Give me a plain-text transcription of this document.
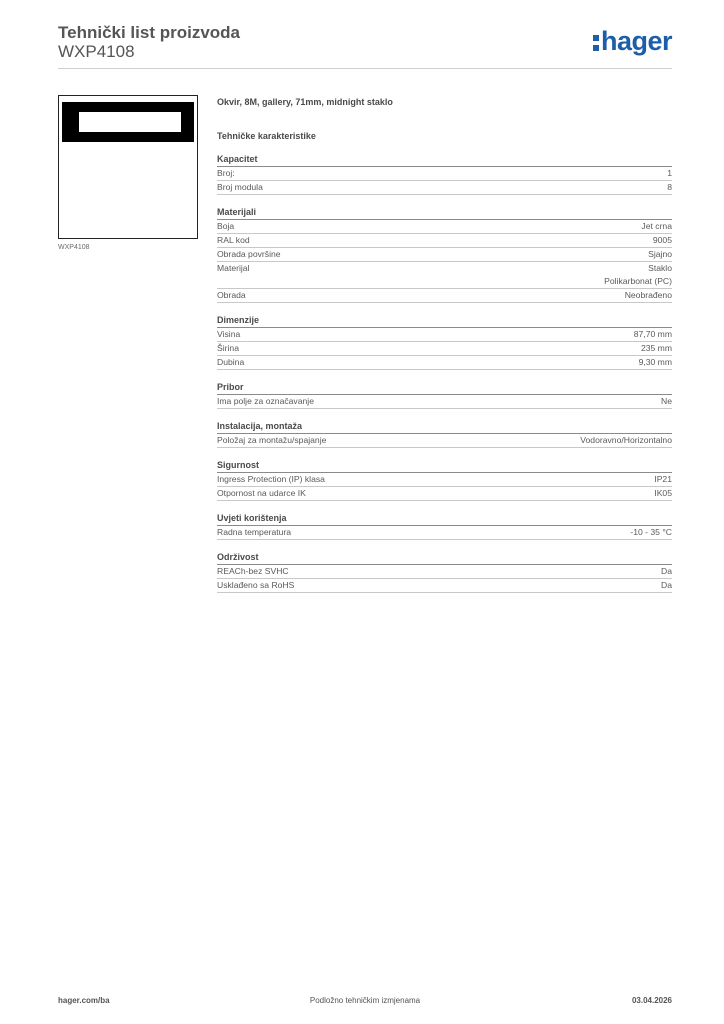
Tehnički list proizvoda
WXP4108	hager
WXP4108
Okvir, 8M, gallery, 71mm, midnight staklo
Tehničke karakteristike
Kapacitet
Broj:	1
Broj modula	8
Materijali
Boja	Jet crna
RAL kod	9005
Obrada površine	Sjajno
Materijal	Staklo
Polikarbonat (PC)
Obrada	Neobrađeno
Dimenzije
Visina	87,70 mm
Širina	235 mm
Dubina	9,30 mm
Pribor
Ima polje za označavanje	Ne
Instalacija, montaža
Položaj za montažu/spajanje	Vodoravno/Horizontalno
Sigurnost
Ingress Protection (IP) klasa	IP21
Otpornost na udarce IK	IK05
Uvjeti korištenja
Radna temperatura	-10 - 35 °C
Održivost
REACh-bez SVHC	Da
Usklađeno sa RoHS	Da
hager.com/ba	Podložno tehničkim izmjenama	03.04.2026
